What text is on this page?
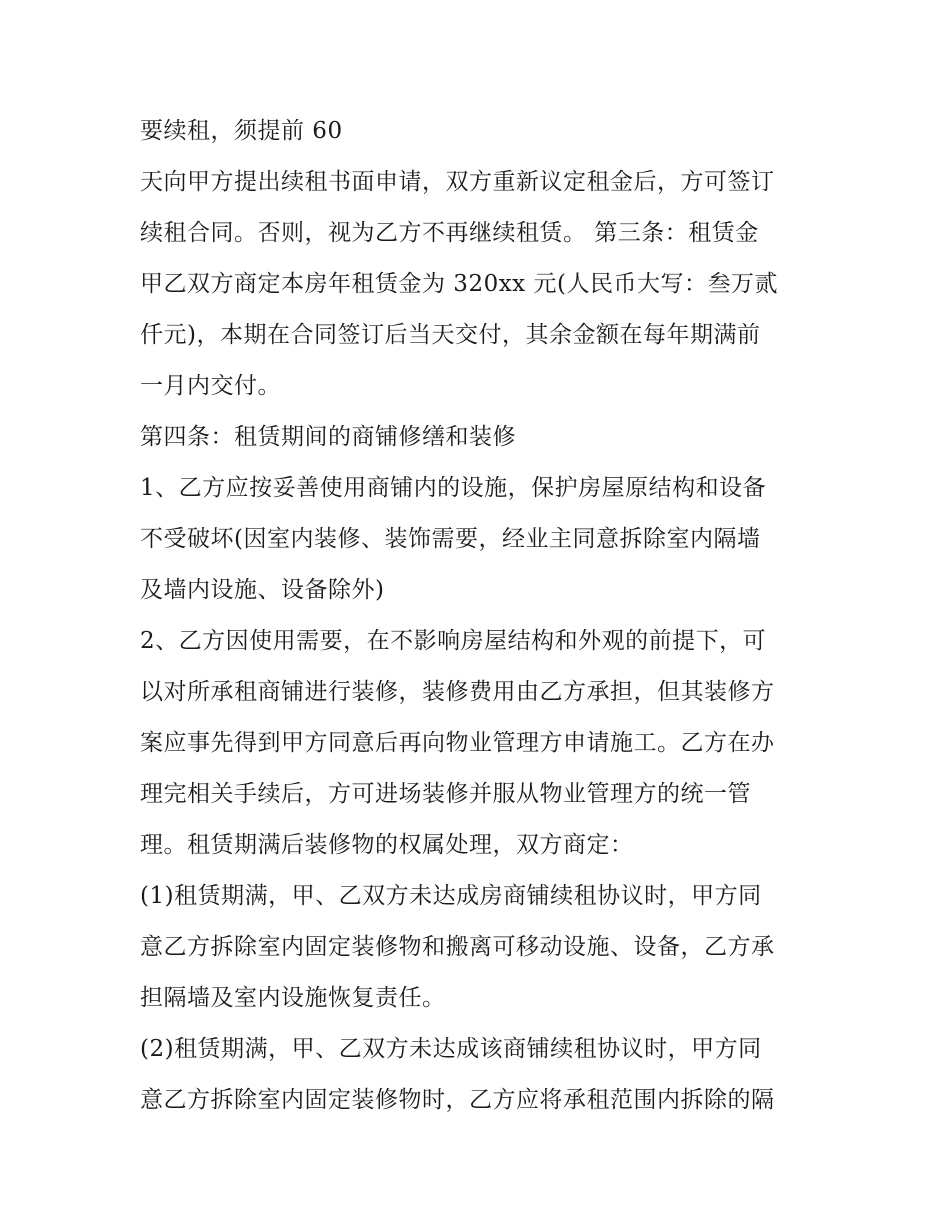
要续租，须提前 60
天向甲方提出续租书面申请，双方重新议定租金后，方可签订
续租合同。否则，视为乙方不再继续租赁。 第三条：租赁金
甲乙双方商定本房年租赁金为 320xx 元(人民币大写：叁万贰
仟元)，本期在合同签订后当天交付，其余金额在每年期满前
一月内交付。
第四条：租赁期间的商铺修缮和装修
1、乙方应按妥善使用商铺内的设施，保护房屋原结构和设备
不受破坏(因室内装修、装饰需要，经业主同意拆除室内隔墙
及墙内设施、设备除外)
2、乙方因使用需要，在不影响房屋结构和外观的前提下，可
以对所承租商铺进行装修，装修费用由乙方承担，但其装修方
案应事先得到甲方同意后再向物业管理方申请施工。乙方在办
理完相关手续后，方可进场装修并服从物业管理方的统一管
理。租赁期满后装修物的权属处理，双方商定：
(1)租赁期满，甲、乙双方未达成房商铺续租协议时，甲方同
意乙方拆除室内固定装修物和搬离可移动设施、设备，乙方承
担隔墙及室内设施恢复责任。
(2)租赁期满，甲、乙双方未达成该商铺续租协议时，甲方同
意乙方拆除室内固定装修物时，乙方应将承租范围内拆除的隔
